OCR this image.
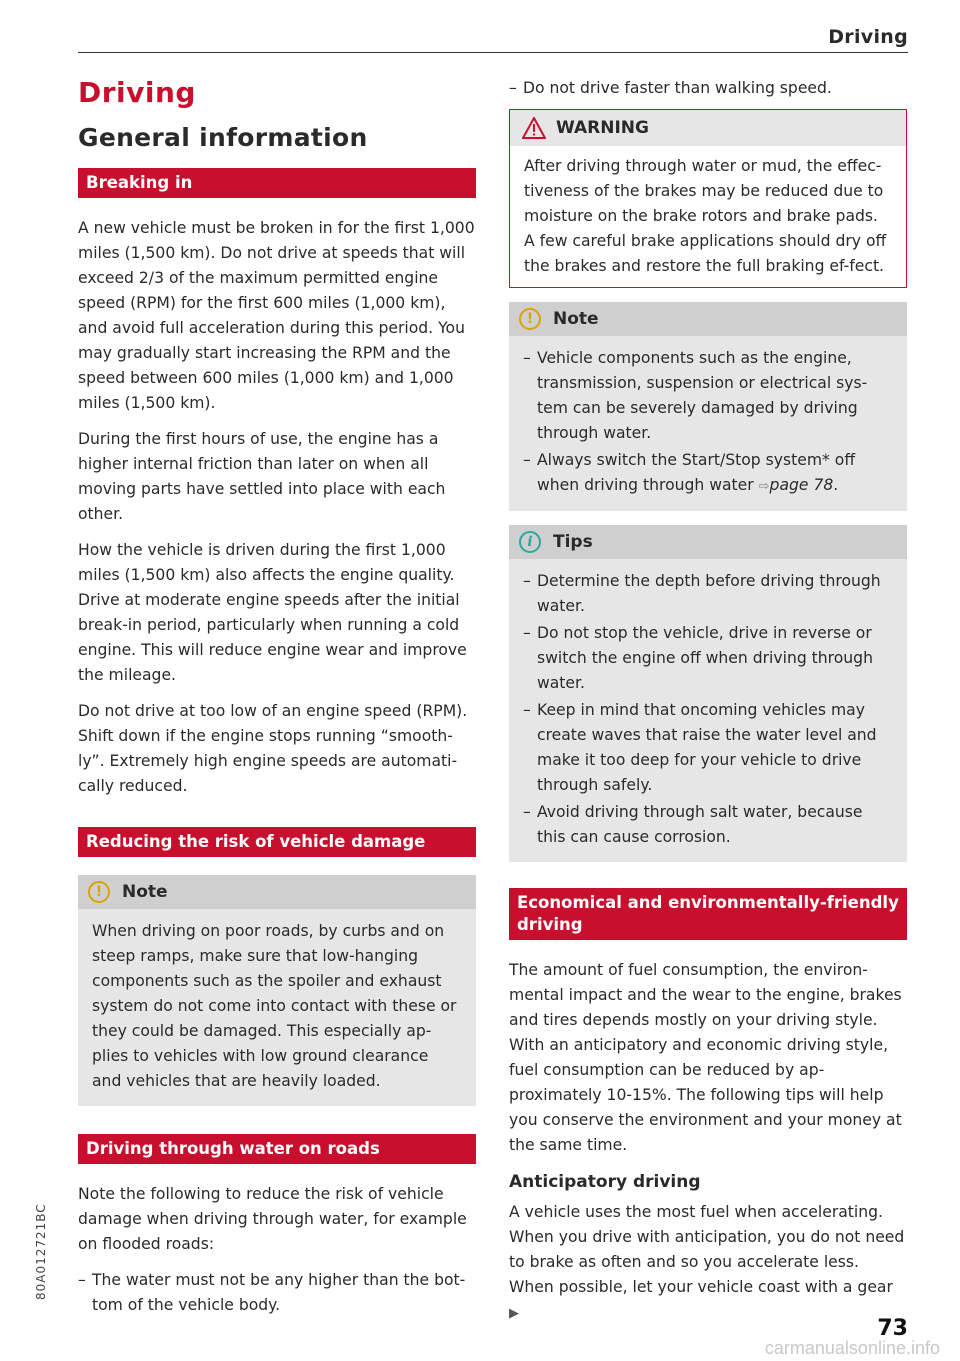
Driving
Driving
General information
Breaking in

A new vehicle must be broken in for the first 1,000 miles (1,500 km). Do not drive at speeds that will exceed 2/3 of the maximum permitted engine speed (RPM) for the first 600 miles (1,000 km), and avoid full acceleration during this period. You may gradually start increasing the RPM and the speed between 600 miles (1,000 km) and 1,000 miles (1,500 km).

During the first hours of use, the engine has a higher internal friction than later on when all moving parts have settled into place with each other.

How the vehicle is driven during the first 1,000 miles (1,500 km) also affects the engine quality. Drive at moderate engine speeds after the initial break-in period, particularly when running a cold engine. This will reduce engine wear and improve the mileage.

Do not drive at too low of an engine speed (RPM). Shift down if the engine stops running “smooth-ly”. Extremely high engine speeds are automati-cally reduced.

Reducing the risk of vehicle damage
!	Note

When driving on poor roads, by curbs and on steep ramps, make sure that low-hanging components such as the spoiler and exhaust system do not come into contact with these or they could be damaged. This especially ap-plies to vehicles with low ground clearance and vehicles that are heavily loaded.

Driving through water on roads

Note the following to reduce the risk of vehicle damage when driving through water, for example on flooded roads:

– The water must not be any higher than the bot-tom of the vehicle body.
– Do not drive faster than walking speed.
WARNING

After driving through water or mud, the effec-tiveness of the brakes may be reduced due to moisture on the brake rotors and brake pads. A few careful brake applications should dry off the brakes and restore the full braking ef-fect.

!	Note
– Vehicle components such as the engine, transmission, suspension or electrical sys-tem can be severely damaged by driving through water.
– Always switch the Start/Stop system* off when driving through water ⇨page 78.
i	Tips
– Determine the depth before driving through water.
– Do not stop the vehicle, drive in reverse or switch the engine off when driving through water.
– Keep in mind that oncoming vehicles may create waves that raise the water level and make it too deep for your vehicle to drive through safely.
– Avoid driving through salt water, because this can cause corrosion.
Economical and environmentally-friendly driving

The amount of fuel consumption, the environ-mental impact and the wear to the engine, brakes and tires depends mostly on your driving style. With an anticipatory and economic driving style, fuel consumption can be reduced by ap-proximately 10-15%. The following tips will help you conserve the environment and your money at the same time.

Anticipatory driving

A vehicle uses the most fuel when accelerating. When you drive with anticipation, you do not need to brake as often and so you accelerate less. When possible, let your vehicle coast with a gear ▶

80A012721BC
73
carmanualsonline.info
